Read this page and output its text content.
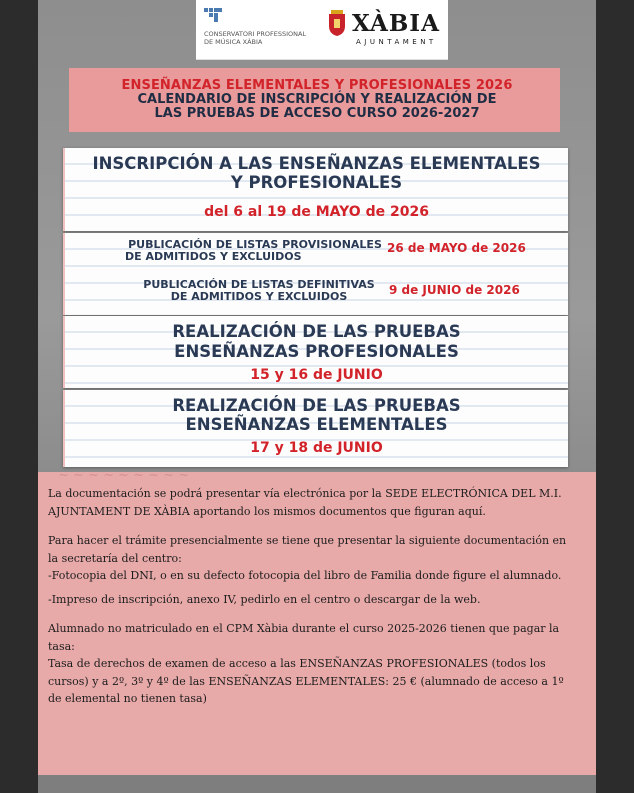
CONSERVATORI PROFESSIONAL
DE MÚSICA XÀBIA
XÀBIA
AJUNTAMENT
ENSEÑANZAS ELEMENTALES Y PROFESIONALES 2026
CALENDARIO DE INSCRIPCIÓN Y REALIZACIÓN DE
LAS PRUEBAS DE ACCESO CURSO 2026-2027
INSCRIPCIÓN A LAS ENSEÑANZAS ELEMENTALES
Y PROFESIONALES
del 6 al 19 de MAYO de 2026
PUBLICACIÓN DE LISTAS PROVISIONALES
DE ADMITIDOS Y EXCLUIDOS
26 de MAYO de 2026
PUBLICACIÓN DE LISTAS DEFINITIVAS
DE ADMITIDOS Y EXCLUIDOS	9 de JUNIO de 2026
REALIZACIÓN DE LAS PRUEBAS
ENSEÑANZAS PROFESIONALES
15 y 16 de JUNIO
REALIZACIÓN DE LAS PRUEBAS
ENSEÑANZAS ELEMENTALES
17 y 18 de JUNIO
~ ~ ~ ~ ~ ~ ~ ~ ~

La documentación se podrá presentar vía electrónica por la SEDE ELECTRÓNICA DEL M.I. AJUNTAMENT DE XÀBIA aportando los mismos documentos que figuran aquí.

Para hacer el trámite presencialmente se tiene que presentar la siguiente documentación en la secretaría del centro:

-Fotocopia del DNI, o en su defecto fotocopia del libro de Familia donde figure el alumnado.

-Impreso de inscripción, anexo IV, pedirlo en el centro o descargar de la web.

Alumnado no matriculado en el CPM Xàbia durante el curso 2025-2026 tienen que pagar la tasa:

Tasa de derechos de examen de acceso a las ENSEÑANZAS PROFESIONALES (todos los cursos) y a 2º, 3º y 4º de las ENSEÑANZAS ELEMENTALES: 25 € (alumnado de acceso a 1º de elemental no tienen tasa)
